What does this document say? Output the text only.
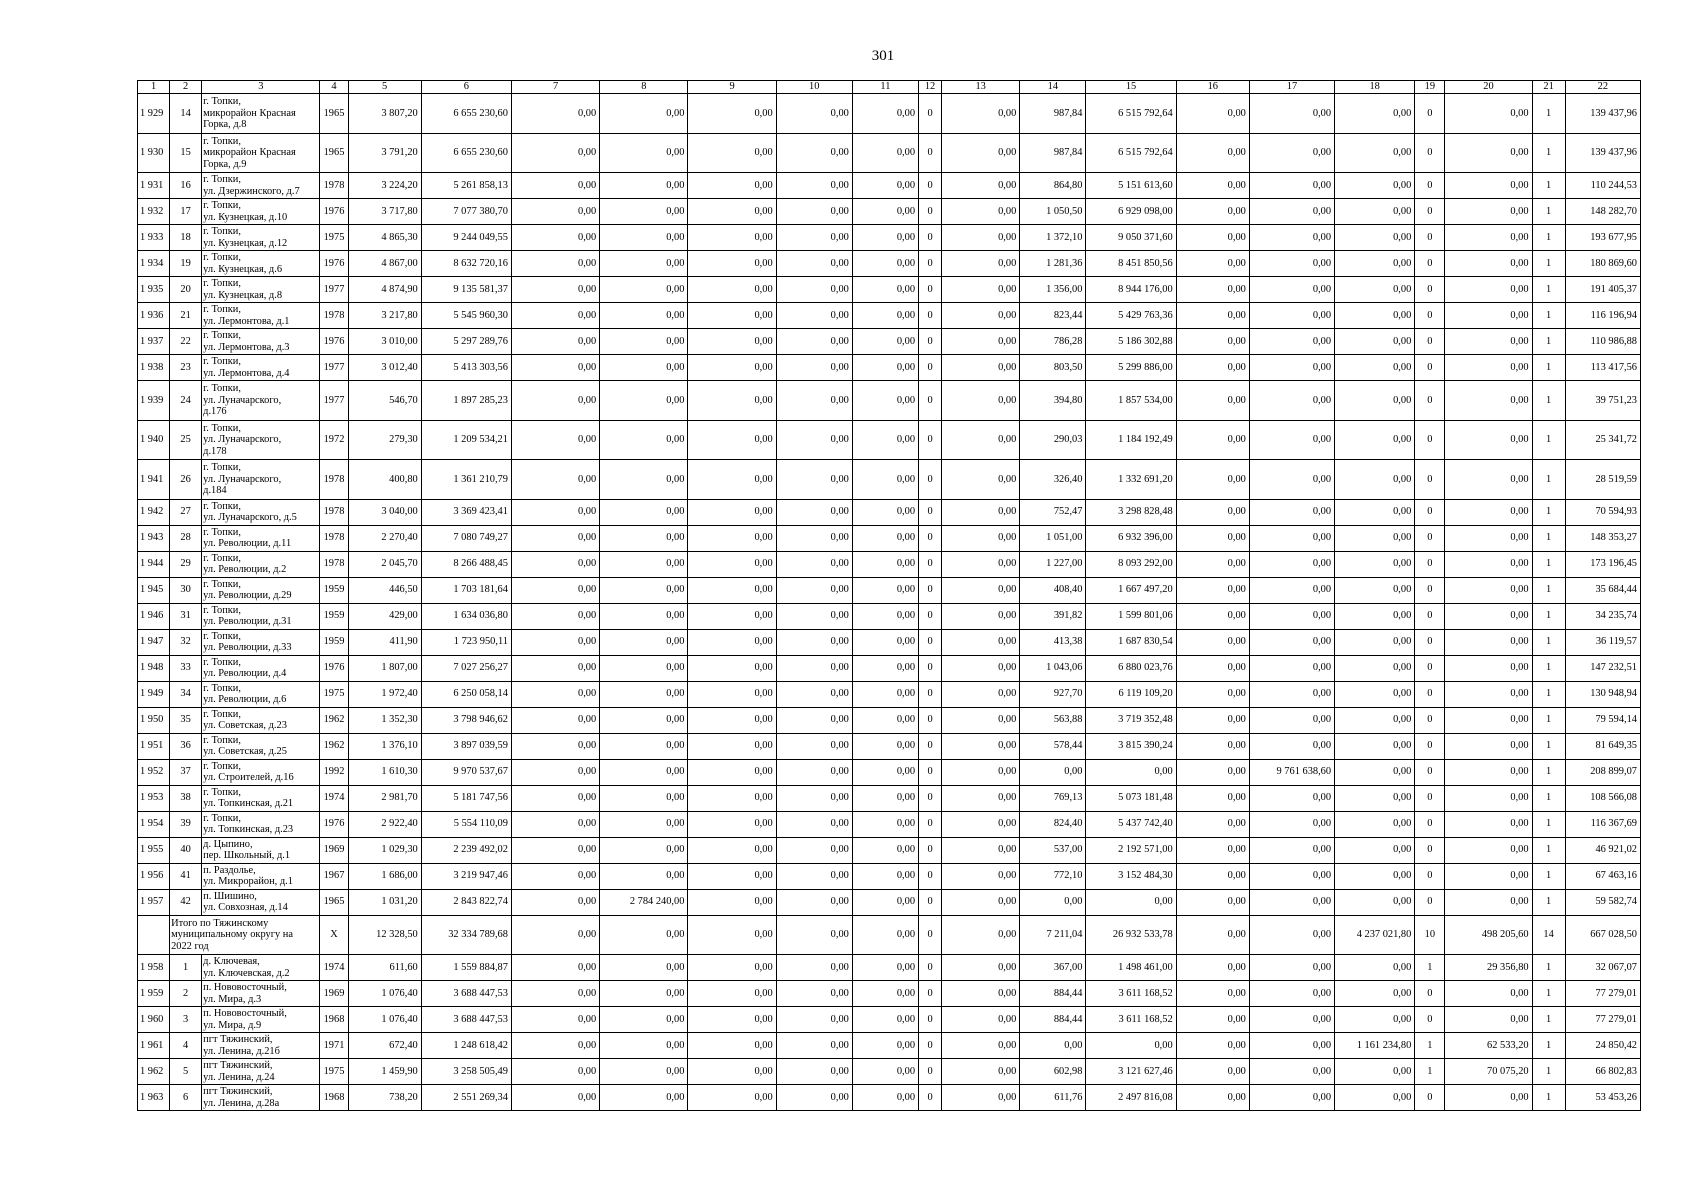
301
1	2	3	4	5	6	7	8	9	10	11	12	13	14	15	16	17	18	19	20	21	22
1 929	14	г. Топки,
микрорайон Красная
Горка, д.8	1965	3 807,20	6 655 230,60	0,00	0,00	0,00	0,00	0,00	0	0,00	987,84	6 515 792,64	0,00	0,00	0,00	0	0,00	1	139 437,96
1 930	15	г. Топки,
микрорайон Красная
Горка, д.9	1965	3 791,20	6 655 230,60	0,00	0,00	0,00	0,00	0,00	0	0,00	987,84	6 515 792,64	0,00	0,00	0,00	0	0,00	1	139 437,96
1 931	16	г. Топки,
ул. Дзержинского, д.7	1978	3 224,20	5 261 858,13	0,00	0,00	0,00	0,00	0,00	0	0,00	864,80	5 151 613,60	0,00	0,00	0,00	0	0,00	1	110 244,53
1 932	17	г. Топки,
ул. Кузнецкая, д.10	1976	3 717,80	7 077 380,70	0,00	0,00	0,00	0,00	0,00	0	0,00	1 050,50	6 929 098,00	0,00	0,00	0,00	0	0,00	1	148 282,70
1 933	18	г. Топки,
ул. Кузнецкая, д.12	1975	4 865,30	9 244 049,55	0,00	0,00	0,00	0,00	0,00	0	0,00	1 372,10	9 050 371,60	0,00	0,00	0,00	0	0,00	1	193 677,95
1 934	19	г. Топки,
ул. Кузнецкая, д.6	1976	4 867,00	8 632 720,16	0,00	0,00	0,00	0,00	0,00	0	0,00	1 281,36	8 451 850,56	0,00	0,00	0,00	0	0,00	1	180 869,60
1 935	20	г. Топки,
ул. Кузнецкая, д.8	1977	4 874,90	9 135 581,37	0,00	0,00	0,00	0,00	0,00	0	0,00	1 356,00	8 944 176,00	0,00	0,00	0,00	0	0,00	1	191 405,37
1 936	21	г. Топки,
ул. Лермонтова, д.1	1978	3 217,80	5 545 960,30	0,00	0,00	0,00	0,00	0,00	0	0,00	823,44	5 429 763,36	0,00	0,00	0,00	0	0,00	1	116 196,94
1 937	22	г. Топки,
ул. Лермонтова, д.3	1976	3 010,00	5 297 289,76	0,00	0,00	0,00	0,00	0,00	0	0,00	786,28	5 186 302,88	0,00	0,00	0,00	0	0,00	1	110 986,88
1 938	23	г. Топки,
ул. Лермонтова, д.4	1977	3 012,40	5 413 303,56	0,00	0,00	0,00	0,00	0,00	0	0,00	803,50	5 299 886,00	0,00	0,00	0,00	0	0,00	1	113 417,56
1 939	24	г. Топки,
ул. Луначарского,
д.176	1977	546,70	1 897 285,23	0,00	0,00	0,00	0,00	0,00	0	0,00	394,80	1 857 534,00	0,00	0,00	0,00	0	0,00	1	39 751,23
1 940	25	г. Топки,
ул. Луначарского,
д.178	1972	279,30	1 209 534,21	0,00	0,00	0,00	0,00	0,00	0	0,00	290,03	1 184 192,49	0,00	0,00	0,00	0	0,00	1	25 341,72
1 941	26	г. Топки,
ул. Луначарского,
д.184	1978	400,80	1 361 210,79	0,00	0,00	0,00	0,00	0,00	0	0,00	326,40	1 332 691,20	0,00	0,00	0,00	0	0,00	1	28 519,59
1 942	27	г. Топки,
ул. Луначарского, д.5	1978	3 040,00	3 369 423,41	0,00	0,00	0,00	0,00	0,00	0	0,00	752,47	3 298 828,48	0,00	0,00	0,00	0	0,00	1	70 594,93
1 943	28	г. Топки,
ул. Революции, д.11	1978	2 270,40	7 080 749,27	0,00	0,00	0,00	0,00	0,00	0	0,00	1 051,00	6 932 396,00	0,00	0,00	0,00	0	0,00	1	148 353,27
1 944	29	г. Топки,
ул. Революции, д.2	1978	2 045,70	8 266 488,45	0,00	0,00	0,00	0,00	0,00	0	0,00	1 227,00	8 093 292,00	0,00	0,00	0,00	0	0,00	1	173 196,45
1 945	30	г. Топки,
ул. Революции, д.29	1959	446,50	1 703 181,64	0,00	0,00	0,00	0,00	0,00	0	0,00	408,40	1 667 497,20	0,00	0,00	0,00	0	0,00	1	35 684,44
1 946	31	г. Топки,
ул. Революции, д.31	1959	429,00	1 634 036,80	0,00	0,00	0,00	0,00	0,00	0	0,00	391,82	1 599 801,06	0,00	0,00	0,00	0	0,00	1	34 235,74
1 947	32	г. Топки,
ул. Революции, д.33	1959	411,90	1 723 950,11	0,00	0,00	0,00	0,00	0,00	0	0,00	413,38	1 687 830,54	0,00	0,00	0,00	0	0,00	1	36 119,57
1 948	33	г. Топки,
ул. Революции, д.4	1976	1 807,00	7 027 256,27	0,00	0,00	0,00	0,00	0,00	0	0,00	1 043,06	6 880 023,76	0,00	0,00	0,00	0	0,00	1	147 232,51
1 949	34	г. Топки,
ул. Революции, д.6	1975	1 972,40	6 250 058,14	0,00	0,00	0,00	0,00	0,00	0	0,00	927,70	6 119 109,20	0,00	0,00	0,00	0	0,00	1	130 948,94
1 950	35	г. Топки,
ул. Советская, д.23	1962	1 352,30	3 798 946,62	0,00	0,00	0,00	0,00	0,00	0	0,00	563,88	3 719 352,48	0,00	0,00	0,00	0	0,00	1	79 594,14
1 951	36	г. Топки,
ул. Советская, д.25	1962	1 376,10	3 897 039,59	0,00	0,00	0,00	0,00	0,00	0	0,00	578,44	3 815 390,24	0,00	0,00	0,00	0	0,00	1	81 649,35
1 952	37	г. Топки,
ул. Строителей, д.16	1992	1 610,30	9 970 537,67	0,00	0,00	0,00	0,00	0,00	0	0,00	0,00	0,00	0,00	9 761 638,60	0,00	0	0,00	1	208 899,07
1 953	38	г. Топки,
ул. Топкинская, д.21	1974	2 981,70	5 181 747,56	0,00	0,00	0,00	0,00	0,00	0	0,00	769,13	5 073 181,48	0,00	0,00	0,00	0	0,00	1	108 566,08
1 954	39	г. Топки,
ул. Топкинская, д.23	1976	2 922,40	5 554 110,09	0,00	0,00	0,00	0,00	0,00	0	0,00	824,40	5 437 742,40	0,00	0,00	0,00	0	0,00	1	116 367,69
1 955	40	д. Цыпино,
пер. Школьный, д.1	1969	1 029,30	2 239 492,02	0,00	0,00	0,00	0,00	0,00	0	0,00	537,00	2 192 571,00	0,00	0,00	0,00	0	0,00	1	46 921,02
1 956	41	п. Раздолье,
ул. Микрорайон, д.1	1967	1 686,00	3 219 947,46	0,00	0,00	0,00	0,00	0,00	0	0,00	772,10	3 152 484,30	0,00	0,00	0,00	0	0,00	1	67 463,16
1 957	42	п. Шишино,
ул. Совхозная, д.14	1965	1 031,20	2 843 822,74	0,00	2 784 240,00	0,00	0,00	0,00	0	0,00	0,00	0,00	0,00	0,00	0,00	0	0,00	1	59 582,74
	Итого по Тяжинскому
муниципальному округу на
2022 год		X	12 328,50	32 334 789,68	0,00	0,00	0,00	0,00	0,00	0	0,00	7 211,04	26 932 533,78	0,00	0,00	4 237 021,80	10	498 205,60	14	667 028,50
1 958	1	д. Ключевая,
ул. Ключевская, д.2	1974	611,60	1 559 884,87	0,00	0,00	0,00	0,00	0,00	0	0,00	367,00	1 498 461,00	0,00	0,00	0,00	1	29 356,80	1	32 067,07
1 959	2	п. Нововосточный,
ул. Мира, д.3	1969	1 076,40	3 688 447,53	0,00	0,00	0,00	0,00	0,00	0	0,00	884,44	3 611 168,52	0,00	0,00	0,00	0	0,00	1	77 279,01
1 960	3	п. Нововосточный,
ул. Мира, д.9	1968	1 076,40	3 688 447,53	0,00	0,00	0,00	0,00	0,00	0	0,00	884,44	3 611 168,52	0,00	0,00	0,00	0	0,00	1	77 279,01
1 961	4	пгт Тяжинский,
ул. Ленина, д.21б	1971	672,40	1 248 618,42	0,00	0,00	0,00	0,00	0,00	0	0,00	0,00	0,00	0,00	0,00	1 161 234,80	1	62 533,20	1	24 850,42
1 962	5	пгт Тяжинский,
ул. Ленина, д.24	1975	1 459,90	3 258 505,49	0,00	0,00	0,00	0,00	0,00	0	0,00	602,98	3 121 627,46	0,00	0,00	0,00	1	70 075,20	1	66 802,83
1 963	6	пгт Тяжинский,
ул. Ленина, д.28а	1968	738,20	2 551 269,34	0,00	0,00	0,00	0,00	0,00	0	0,00	611,76	2 497 816,08	0,00	0,00	0,00	0	0,00	1	53 453,26
